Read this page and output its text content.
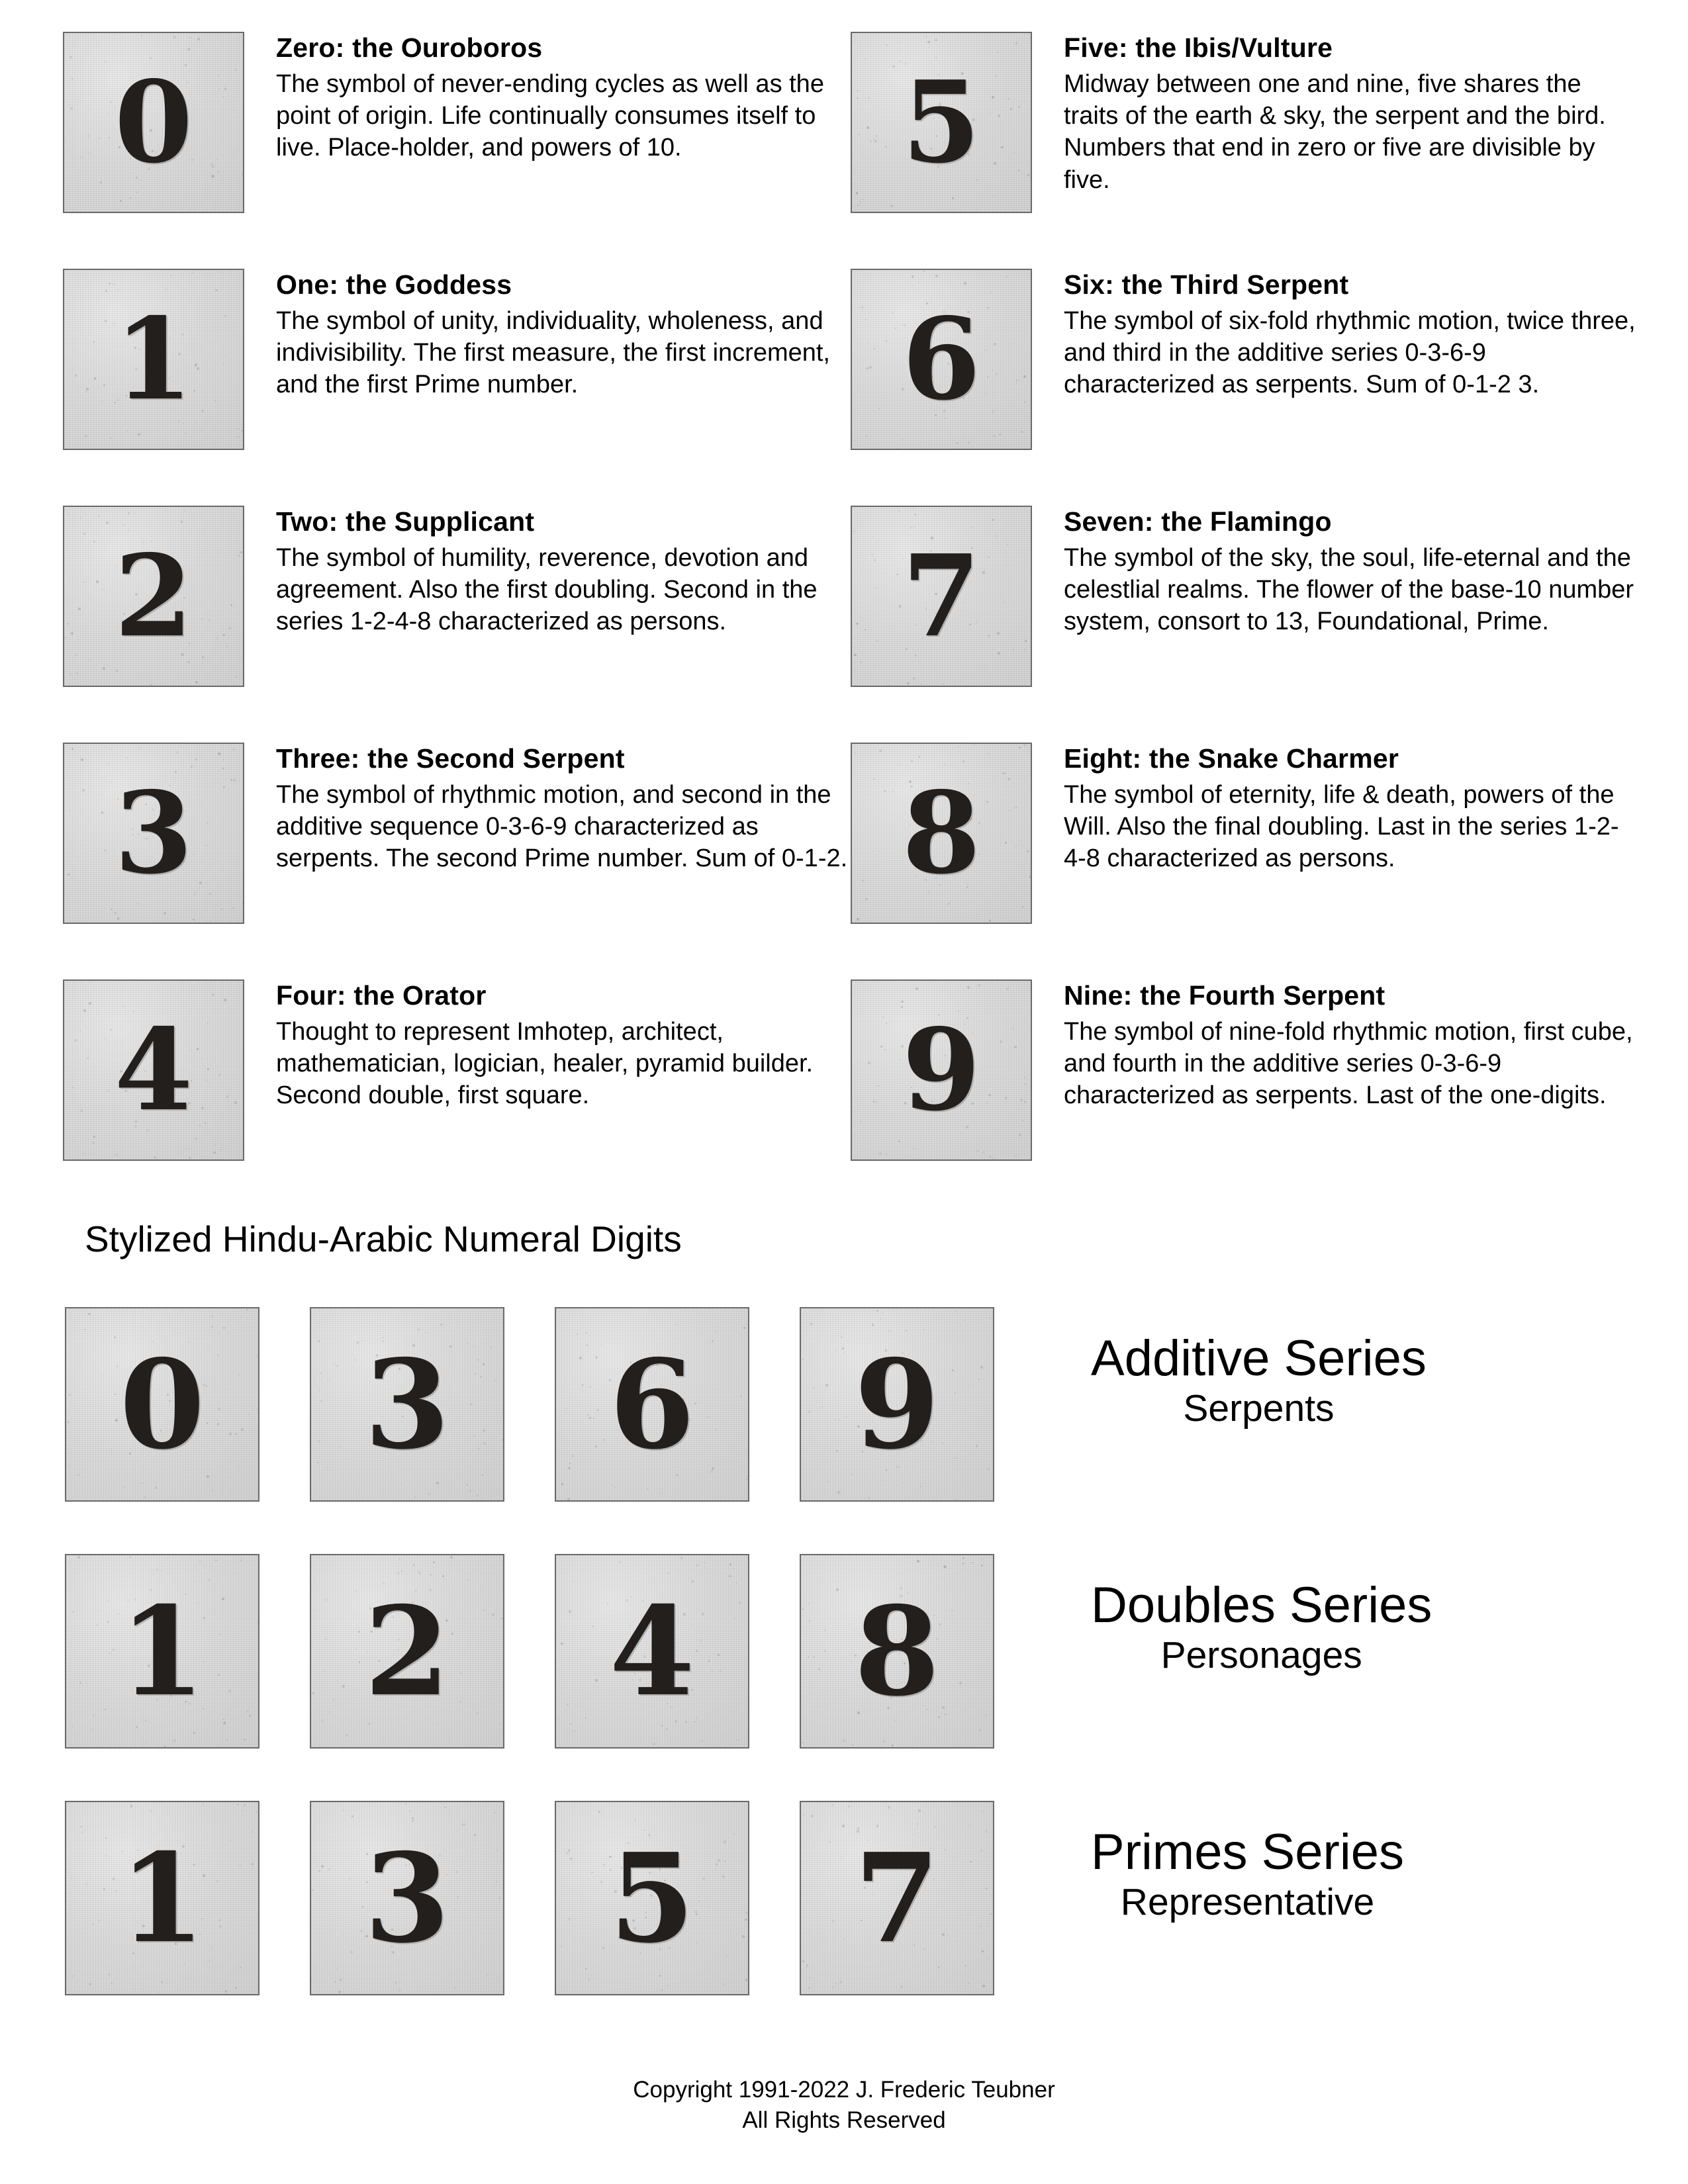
0
Zero: the Ouroboros
The symbol of never-ending cycles as well as the point of origin. Life continually consumes itself to live. Place-holder, and powers of 10.	5
Five: the Ibis/Vulture
Midway between one and nine, five shares the traits of the earth & sky, the serpent and the bird. Numbers that end in zero or five are divisible by five.
1
One: the Goddess
The symbol of unity, individuality, wholeness, and indivisibility. The first measure, the first increment, and the first Prime number.	6
Six: the Third Serpent
The symbol of six-fold rhythmic motion, twice three, and third in the additive series 0-3-6-9 characterized as serpents. Sum of 0-1-2 3.
2
Two: the Supplicant
The symbol of humility, reverence, devotion and agreement. Also the first doubling. Second in the series 1-2-4-8 characterized as persons.	7
Seven: the Flamingo
The symbol of the sky, the soul, life-eternal and the celestlial realms. The flower of the base-10 number system, consort to 13, Foundational, Prime.
3
Three: the Second Serpent
The symbol of rhythmic motion, and second in the additive sequence 0-3-6-9 characterized as serpents. The second Prime number. Sum of 0-1-2. 8
Eight: the Snake Charmer
The symbol of eternity, life & death, powers of the Will. Also the final doubling. Last in the series 1-2-4-8 characterized as persons.
4
Four: the Orator
Thought to represent Imhotep, architect, mathematician, logician, healer, pyramid builder. Second double, first square.	9
Nine: the Fourth Serpent
The symbol of nine-fold rhythmic motion, first cube, and fourth in the additive series 0-3-6-9 characterized as serpents. Last of the one-digits.
Stylized Hindu-Arabic Numeral Digits
0	3	6	9	Additive Series
Serpents
1	2	4	8	Doubles Series
Personages
1	3	5	7	Primes Series
Representative
Copyright 1991-2022 J. Frederic Teubner
All Rights Reserved
